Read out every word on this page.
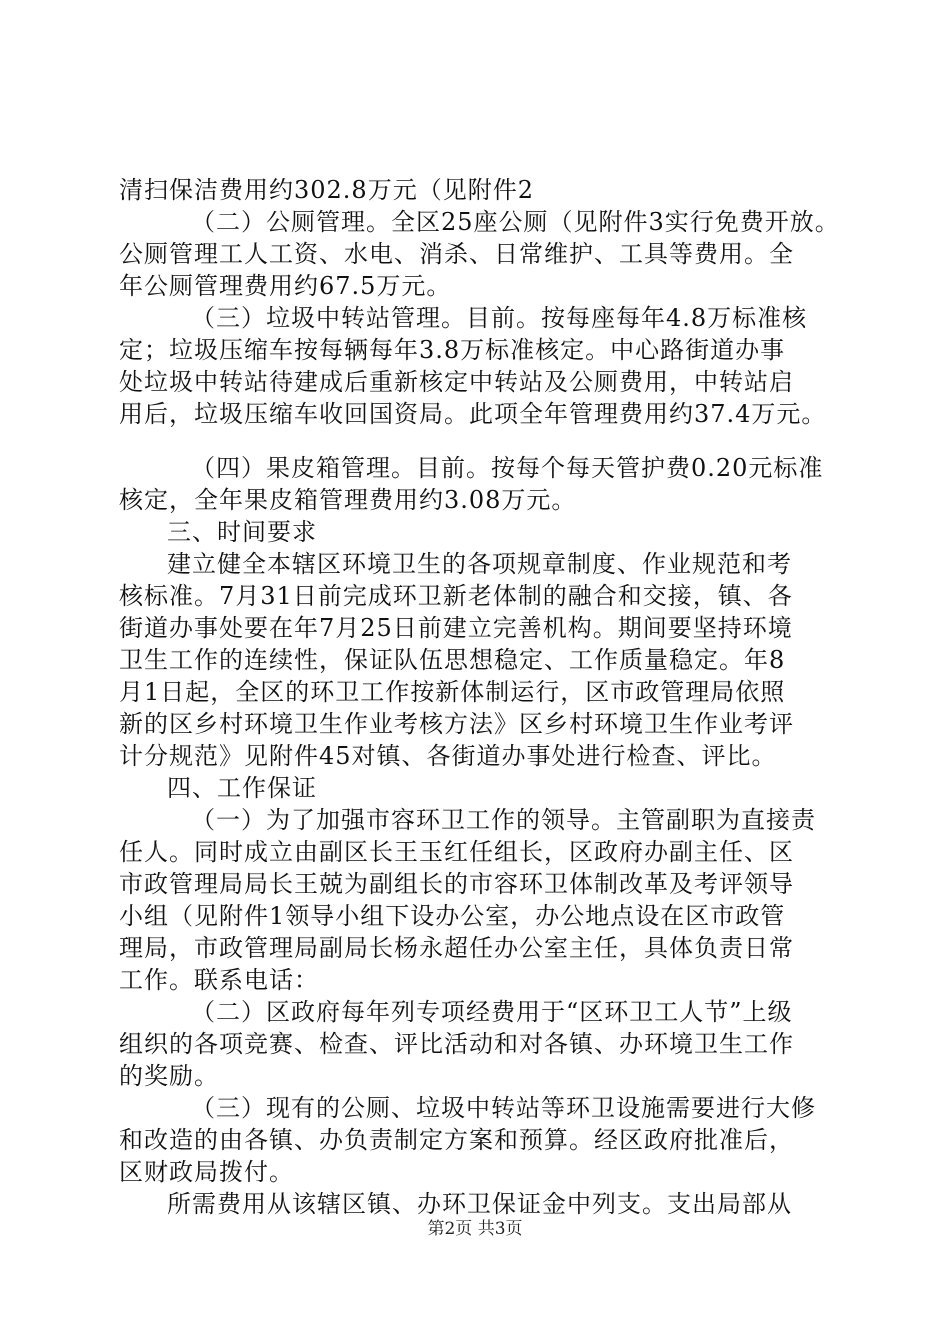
清扫保洁费用约302.8万元（见附件2
（二）公厕管理。全区25座公厕（见附件3实行免费开放。
公厕管理工人工资、水电、消杀、日常维护、工具等费用。全
年公厕管理费用约67.5万元。
（三）垃圾中转站管理。目前。按每座每年4.8万标准核
定；垃圾压缩车按每辆每年3.8万标准核定。中心路街道办事
处垃圾中转站待建成后重新核定中转站及公厕费用，中转站启
用后，垃圾压缩车收回国资局。此项全年管理费用约37.4万元。
（四）果皮箱管理。目前。按每个每天管护费0.20元标准
核定，全年果皮箱管理费用约3.08万元。
三、时间要求
建立健全本辖区环境卫生的各项规章制度、作业规范和考
核标准。7月31日前完成环卫新老体制的融合和交接，镇、各
街道办事处要在年7月25日前建立完善机构。期间要坚持环境
卫生工作的连续性，保证队伍思想稳定、工作质量稳定。年8
月1日起，全区的环卫工作按新体制运行，区市政管理局依照
新的区乡村环境卫生作业考核方法》区乡村环境卫生作业考评
计分规范》见附件45对镇、各街道办事处进行检查、评比。
四、工作保证
（一）为了加强市容环卫工作的领导。主管副职为直接责
任人。同时成立由副区长王玉红任组长，区政府办副主任、区
市政管理局局长王兢为副组长的市容环卫体制改革及考评领导
小组（见附件1领导小组下设办公室，办公地点设在区市政管
理局，市政管理局副局长杨永超任办公室主任，具体负责日常
工作。联系电话：
（二）区政府每年列专项经费用于“区环卫工人节”上级
组织的各项竞赛、检查、评比活动和对各镇、办环境卫生工作
的奖励。
（三）现有的公厕、垃圾中转站等环卫设施需要进行大修
和改造的由各镇、办负责制定方案和预算。经区政府批准后，
区财政局拨付。
所需费用从该辖区镇、办环卫保证金中列支。支出局部从
第2页 共3页
